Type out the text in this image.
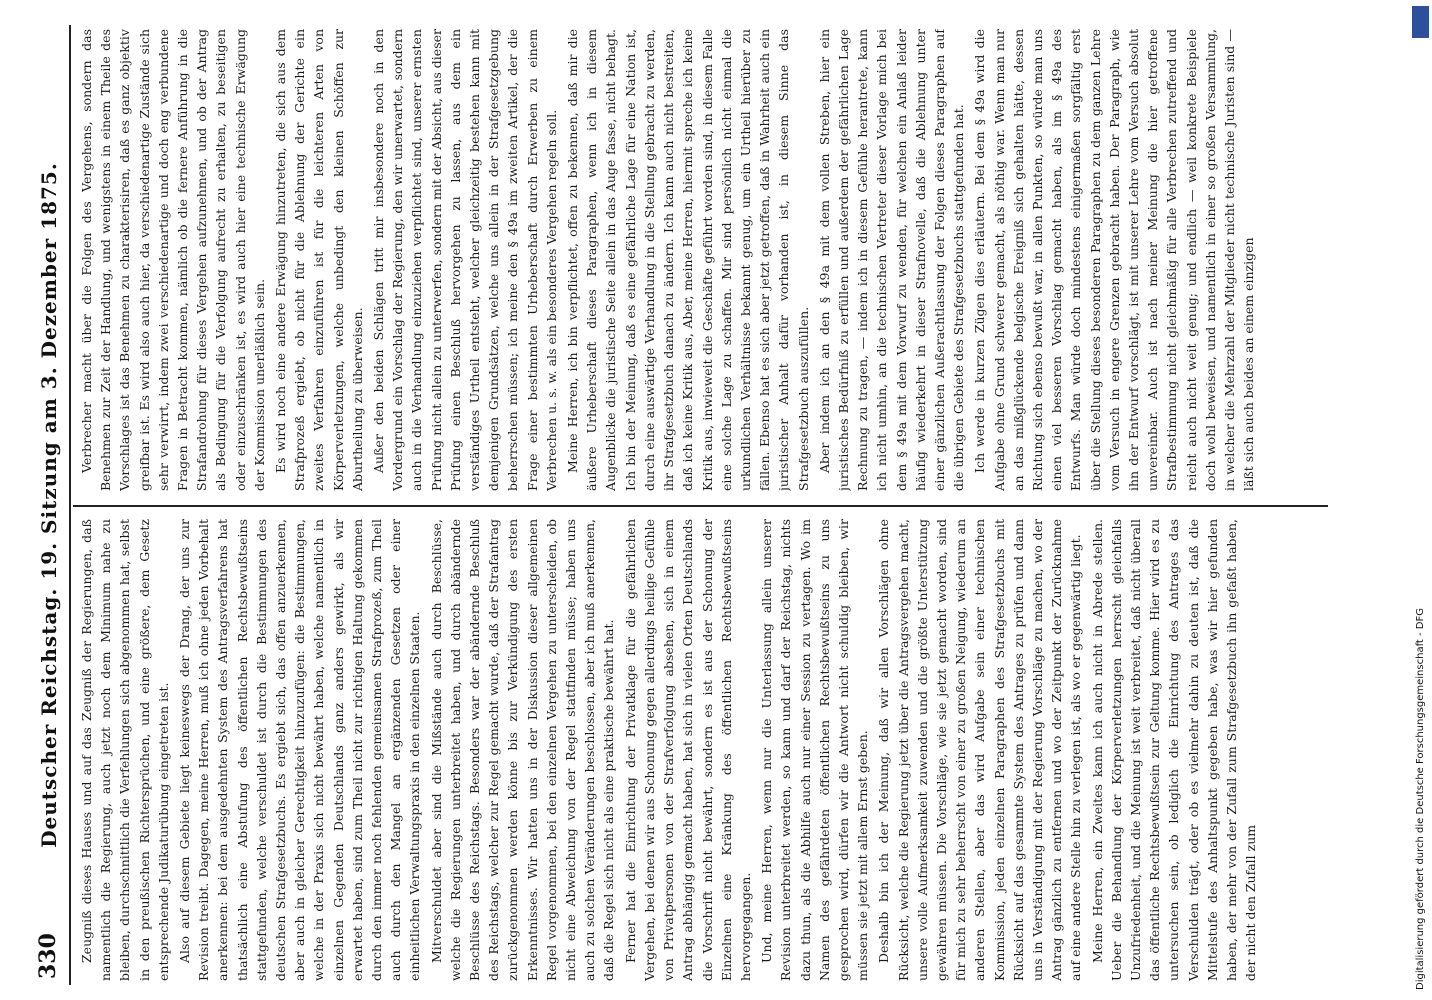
330
Deutscher Reichstag. 19. Sitzung am 3. Dezember 1875. Zeugniß dieses Hauses und auf das Zeugniß der Regierungen, daß namentlich die Regierung, auch jetzt noch dem Minimum nahe zu bleiben, durchschnittlich die Verfehlungen sich abgenommen hat, selbst in den preußischen Richtersprüchen, und eine größere, dem Gesetz entsprechende Judikaturübung eingetreten ist. Also auf diesem Gebiete liegt keineswegs der Drang, der uns zur Revision treibt. Dagegen, meine Herren, muß ich ohne jeden Vorbehalt anerkennen: bei dem ausgedehnten System des Antragsverfahrens hat thatsächlich eine Abstufung des öffentlichen Rechtsbewußtseins stattgefunden, welche verschuldet ist durch die Bestimmungen des deutschen Strafgesetzbuchs. Es ergiebt sich, das offen anzuerkennen, aber auch in gleicher Gerechtigkeit hinzuzufügen: die Bestimmungen, welche in der Praxis sich nicht bewährt haben, welche namentlich in einzelnen Gegenden Deutschlands ganz anders gewirkt, als wir erwartet haben, sind zum Theil nicht zur richtigen Haltung gekommen durch den immer noch fehlenden gemeinsamen Strafprozeß, zum Theil auch durch den Mangel an ergänzenden Gesetzen oder einer einheitlichen Verwaltungspraxis in den einzelnen Staaten. Mitverschuldet aber sind die Mißstände auch durch Beschlüsse, welche die Regierungen unterbreitet haben, und durch abändernde Beschlüsse des Reichstags. Besonders war der abändernde Beschluß des Reichstags, welcher zur Regel gemacht wurde, daß der Strafantrag zurückgenommen werden könne bis zur Verkündigung des ersten Erkenntnisses. Wir hatten uns in der Diskussion dieser allgemeinen Regel vorgenommen, bei den einzelnen Vergehen zu unterscheiden, ob nicht eine Abweichung von der Regel stattfinden müsse; haben uns auch zu solchen Veränderungen beschlossen, aber ich muß anerkennen, daß die Regel sich nicht als eine praktische bewährt hat. Ferner hat die Einrichtung der Privatklage für die gefährlichen Vergehen, bei denen wir aus Schonung gegen allerdings heilige Gefühle von Privatpersonen von der Strafverfolgung absehen, sich in einem Antrag abhängig gemacht haben, hat sich in vielen Orten Deutschlands die Vorschrift nicht bewährt, sondern es ist aus der Schonung der Einzelnen eine Kränkung des öffentlichen Rechtsbewußtseins hervorgegangen. Und, meine Herren, wenn nur die Unterlassung allein unserer Revision unterbreitet werden, so kann und darf der Reichstag, nichts dazu thun, als die Abhilfe auch nur einer Session zu vertagen. Wo im Namen des gefährdeten öffentlichen Rechtsbewußtseins zu uns gesprochen wird, dürfen wir die Antwort nicht schuldig bleiben, wir müssen sie jetzt mit allem Ernst geben. Deshalb bin ich der Meinung, daß wir allen Vorschlägen ohne Rücksicht, welche die Regierung jetzt über die Antragsvergehen macht, unsere volle Aufmerksamkeit zuwenden und die größte Unterstützung gewähren müssen. Die Vorschläge, wie sie jetzt gemacht worden, sind für mich zu sehr beherrscht von einer zu großen Neigung, wiederum an anderen Stellen, aber das wird Aufgabe sein einer technischen Kommission, jeden einzelnen Paragraphen des Strafgesetzbuchs mit Rücksicht auf das gesammte System des Antrages zu prüfen und dann uns in Verständigung mit der Regierung Vorschläge zu machen, wo der Antrag gänzlich zu entfernen und wo der Zeitpunkt der Zurücknahme auf eine andere Stelle hin zu verlegen ist, als wo er gegenwärtig liegt. Meine Herren, ein Zweites kann ich auch nicht in Abrede stellen. Ueber die Behandlung der Körperverletzungen herrscht gleichfalls Unzufriedenheit, und die Meinung ist weit verbreitet, daß nicht überall das öffentliche Rechtsbewußtsein zur Geltung komme. Hier wird es zu untersuchen sein, ob lediglich die Einrichtung des Antrages das Verschulden trägt, oder ob es vielmehr dahin zu deuten ist, daß die Mittelstufe des Anhaltspunkt gegeben habe, was wir hier gefunden haben, der mehr von der Zufall zum Strafgesetzbuch ihn gefaßt haben, der nicht den Zufall zum

Verbrecher macht über die Folgen des Vergehens, sondern das Benehmen zur Zeit der Handlung, und wenigstens in einem Theile des Vorschlages ist das Benehmen zu charakterisiren, daß es ganz objektiv greifbar ist. Es wird also auch hier, da verschiedenartige Zustände sich sehr verwirrt, indem zwei verschiedenartige und doch eng verbundene Fragen in Betracht kommen, nämlich ob die fernere Anführung in die Strafandrohung für dieses Vergehen aufzunehmen, und ob der Antrag als Bedingung für die Verfolgung aufrecht zu erhalten, zu beseitigen oder einzuschränken ist, es wird auch hier eine technische Erwägung der Kommission unerläßlich sein. Es wird noch eine andere Erwägung hinzutreten, die sich aus dem Strafprozeß ergiebt, ob nicht für die Ablehnung der Gerichte ein zweites Verfahren einzuführen ist für die leichteren Arten von Körperverletzungen, welche unbedingt den kleinen Schöffen zur Aburtheilung zu überweisen. Außer den beiden Schlägen tritt mir insbesondere noch in den Vordergrund ein Vorschlag der Regierung, den wir unerwartet, sondern auch in die Verhandlung einzuziehen verpflichtet sind, unserer ernsten Prüfung nicht allein zu unterwerfen, sondern mit der Absicht, aus dieser Prüfung einen Beschluß hervorgehen zu lassen, aus dem ein verständiges Urtheil entsteht, welcher gleichzeitig bestehen kann mit demjenigen Grundsätzen, welche uns allein in der Strafgesetzgebung beherrschen müssen; ich meine den § 49a im zweiten Artikel, der die Frage einer bestimmten Urheberschaft durch Erwerben zu einem Verbrechen u. s. w. als ein besonderes Vergehen regeln soll. Meine Herren, ich bin verpflichtet, offen zu bekennen, daß mir die äußere Urheberschaft dieses Paragraphen, wenn ich in diesem Augenblicke die juristische Seite allein in das Auge fasse, nicht behagt. Ich bin der Meinung, daß es eine gefährliche Lage für eine Nation ist, durch eine auswärtige Verhandlung in die Stellung gebracht zu werden, ihr Strafgesetzbuch danach zu ändern. Ich kann auch nicht bestreiten, daß ich keine Kritik aus, Aber, meine Herren, hiermit spreche ich keine Kritik aus, inwieweit die Geschäfte geführt worden sind, in diesem Falle eine solche Lage zu schaffen. Mir sind persönlich nicht einmal die urkundlichen Verhältnisse bekannt genug, um ein Urtheil hierüber zu fällen. Ebenso hat es sich aber jetzt getroffen, daß in Wahrheit auch ein juristischer Anhalt dafür vorhanden ist, in diesem Sinne das Strafgesetzbuch auszufüllen. Aber indem ich an den § 49a mit dem vollen Streben, hier ein juristisches Bedürfniß zu erfüllen und außerdem der gefährlichen Lage Rechnung zu tragen, — indem ich in diesem Gefühle herantrete, kann ich nicht umhin, an die technischen Vertreter dieser Vorlage mich bei dem § 49a mit dem Vorwurf zu wenden, für welchen ein Anlaß leider häufig wiederkehrt in dieser Strafnovelle, daß die Ablehnung unter einer gänzlichen Außerachtlassung der Folgen dieses Paragraphen auf die übrigen Gebiete des Strafgesetzbuchs stattgefunden hat. Ich werde in kurzen Zügen dies erläutern. Bei dem § 49a wird die Aufgabe ohne Grund schwerer gemacht, als nöthig war. Wenn man nur an das mißglückende belgische Ereigniß sich gehalten hätte, dessen Richtung sich ebenso bewußt war, in allen Punkten, so würde man uns einen viel besseren Vorschlag gemacht haben, als im § 49a des Entwurfs. Man würde doch mindestens einigermaßen sorgfältig erst über die Stellung dieses besonderen Paragraphen zu dem ganzen Lehre vom Versuch in engere Grenzen gebracht haben. Der Paragraph, wie ihn der Entwurf vorschlägt, ist mit unserer Lehre vom Versuch absolut unvereinbar. Auch ist nach meiner Meinung die hier getroffene Strafbestimmung nicht gleichmäßig für alle Verbrechen zutreffend und reicht auch nicht weit genug; und endlich — weil konkrete Beispiele doch wohl beweisen, und namentlich in einer so großen Versammlung, in welcher die Mehrzahl der Mitglieder nicht technische Juristen sind — läßt sich auch beides an einem einzigen

Digitalisierung gefördert durch die Deutsche Forschungsgemeinschaft - DFG
